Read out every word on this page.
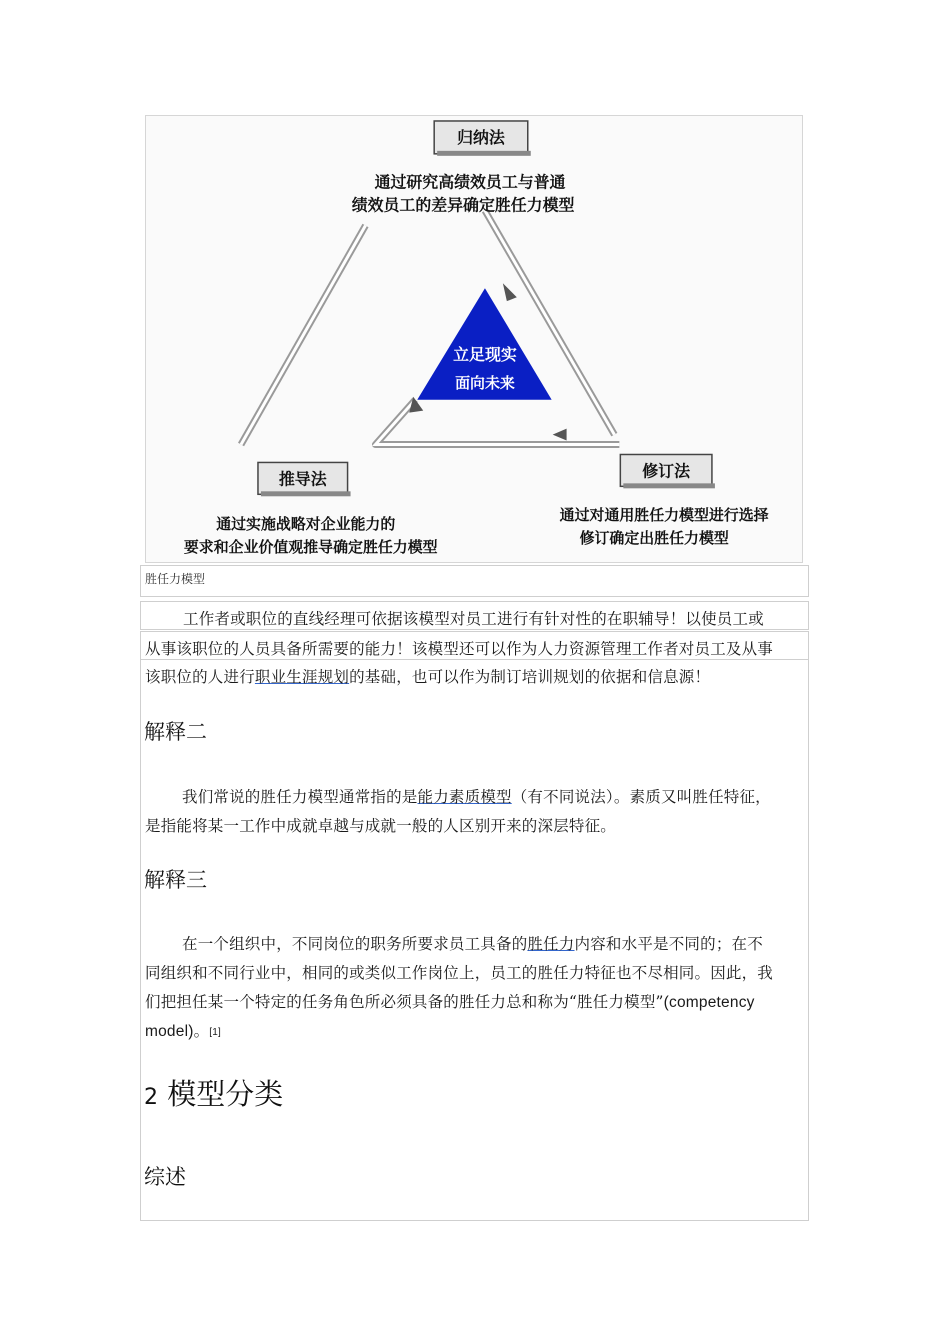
立足现实
面向未来
归纳法
通过研究高绩效员工与普通
绩效员工的差异确定胜任力模型
推导法
通过实施战略对企业能力的
要求和企业价值观推导确定胜任力模型
修订法
通过对通用胜任力模型进行选择
修订确定出胜任力模型
胜任力模型
工作者或职位的直线经理可依据该模型对员工进行有针对性的在职辅导！以使员工或
从事该职位的人员具备所需要的能力！该模型还可以作为人力资源管理工作者对员工及从事
该职位的人进行职业生涯规划的基础，也可以作为制订培训规划的依据和信息源！
解释二
我们常说的胜任力模型通常指的是能力素质模型（有不同说法）。素质又叫胜任特征，
是指能将某一工作中成就卓越与成就一般的人区别开来的深层特征。
解释三
在一个组织中，不同岗位的职务所要求员工具备的胜任力内容和水平是不同的；在不
同组织和不同行业中，相同的或类似工作岗位上，员工的胜任力特征也不尽相同。因此，我
们把担任某一个特定的任务角色所必须具备的胜任力总和称为“胜任力模型”(competency
model)。[1]
2 模型分类
综述
